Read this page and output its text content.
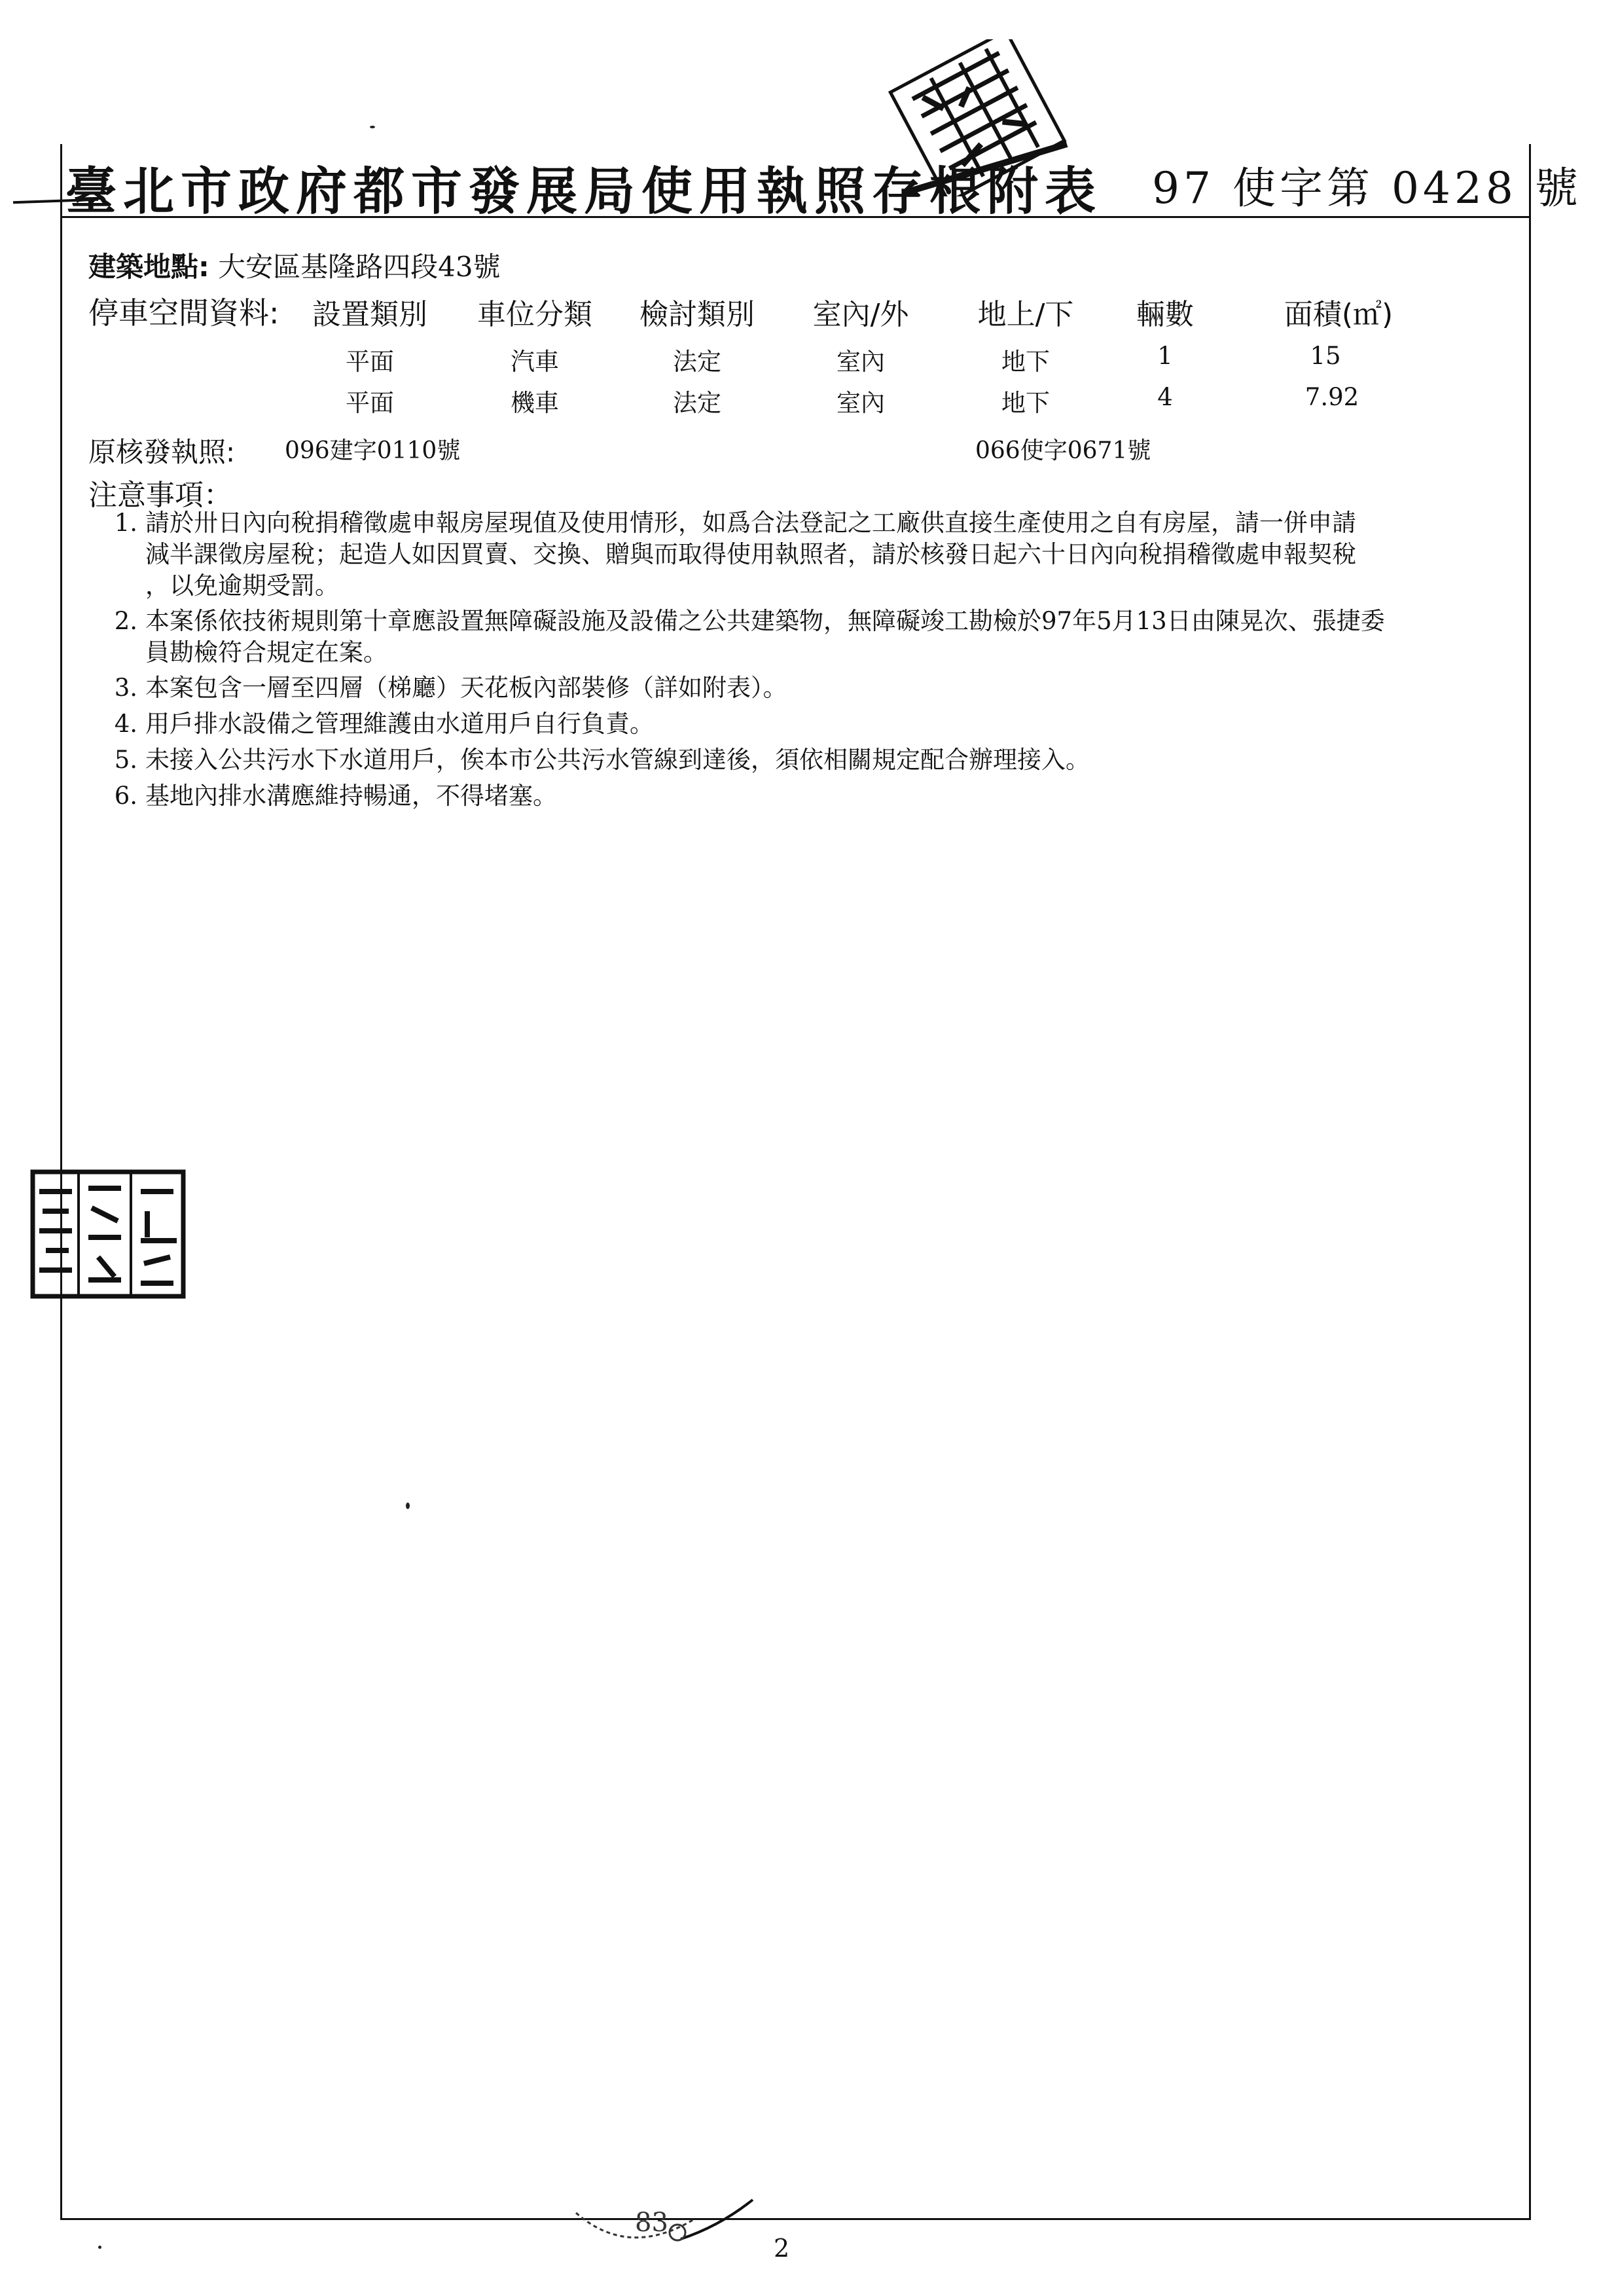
臺北市政府都市發展局使用執照存根附表 97 使字第 0428 號
建築地點: 大安區基隆路四段43號
停車空間資料:	設置類別	車位分類	檢討類別	室內/外	地上/下	輛數	面積(㎡)
平面	汽車	法定	室內	地下	1	15
平面	機車	法定	室內	地下	4	7.92
原核發執照: 096建字0110號	066使字0671號
注意事項：
1. 請於卅日內向稅捐稽徵處申報房屋現值及使用情形，如爲合法登記之工廠供直接生產使用之自有房屋，請一併申請
減半課徵房屋稅；起造人如因買賣、交換、贈與而取得使用執照者，請於核發日起六十日內向稅捐稽徵處申報契稅
，以免逾期受罰。
2. 本案係依技術規則第十章應設置無障礙設施及設備之公共建築物，無障礙竣工勘檢於97年5月13日由陳晃次、張捷委
員勘檢符合規定在案。
3. 本案包含一層至四層（梯廳）天花板內部裝修（詳如附表）。
4. 用戶排水設備之管理維護由水道用戶自行負責。
5. 未接入公共污水下水道用戶，俟本市公共污水管線到達後，須依相關規定配合辦理接入。
6. 基地內排水溝應維持暢通，不得堵塞。
83
2
